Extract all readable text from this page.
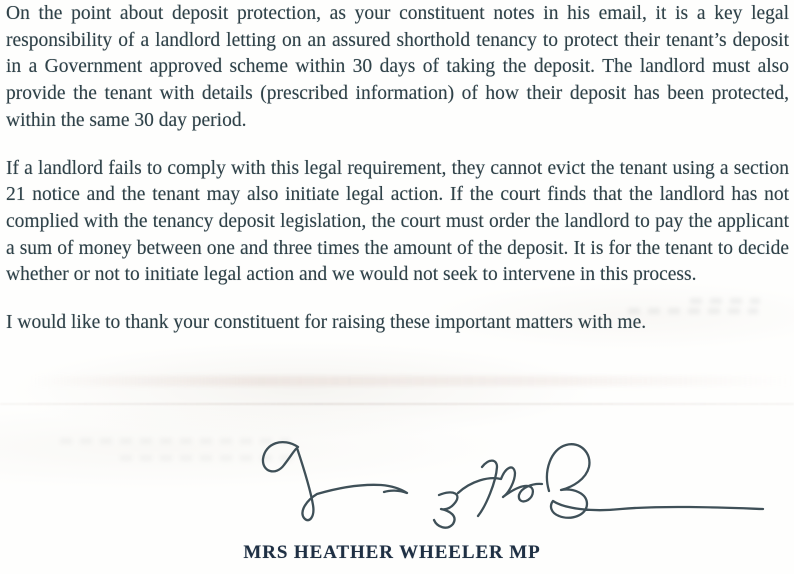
On the point about deposit protection, as your constituent notes in his email, it is a key legal responsibility of a landlord letting on an assured shorthold tenancy to protect their tenant’s deposit in a Government approved scheme within 30 days of taking the deposit. The landlord must also provide the tenant with details (prescribed information) of how their deposit has been protected, within the same 30 day period.

If a landlord fails to comply with this legal requirement, they cannot evict the tenant using a section 21 notice and the tenant may also initiate legal action. If the court finds that the landlord has not complied with the tenancy deposit legislation, the court must order the landlord to pay the applicant a sum of money between one and three times the amount of the deposit. It is for the tenant to decide whether or not to initiate legal action and we would not seek to intervene in this process.

I would like to thank your constituent for raising these important matters with me.

MRS HEATHER WHEELER MP
